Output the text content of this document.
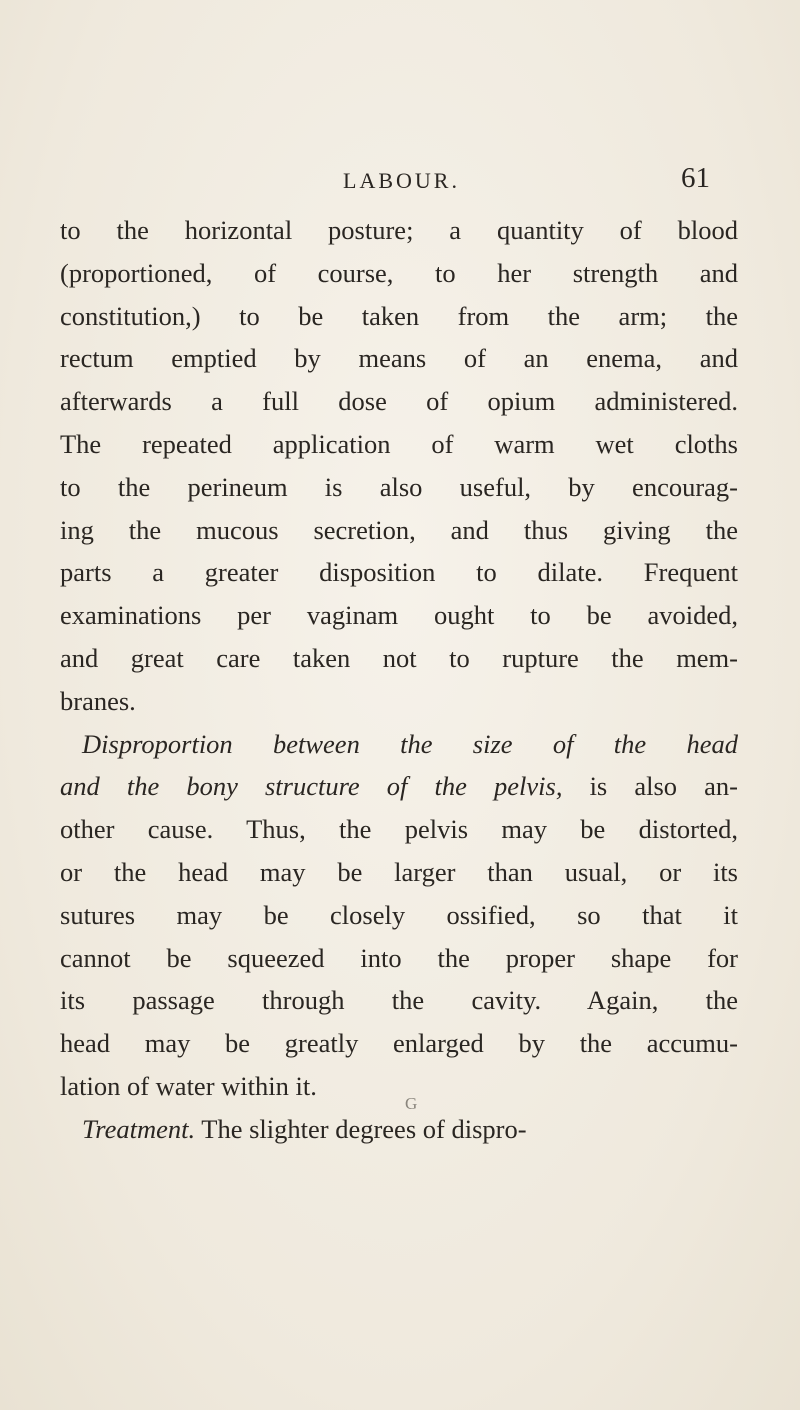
LABOUR.	61
to the horizontal posture; a quantity of blood
(proportioned, of course, to her strength and
constitution,) to be taken from the arm; the
rectum emptied by means of an enema, and
afterwards a full dose of opium administered.
The repeated application of warm wet cloths
to the perineum is also useful, by encourag-
ing the mucous secretion, and thus giving the
parts a greater disposition to dilate. Frequent
examinations per vaginam ought to be avoided,
and great care taken not to rupture the mem-
branes.
Disproportion between the size of the head
and the bony structure of the pelvis, is also an-
other cause. Thus, the pelvis may be distorted,
or the head may be larger than usual, or its
sutures may be closely ossified, so that it
cannot be squeezed into the proper shape for
its passage through the cavity. Again, the
head may be greatly enlarged by the accumu-
lation of water within it.
Treatment. The slighter degrees of dispro-
G
